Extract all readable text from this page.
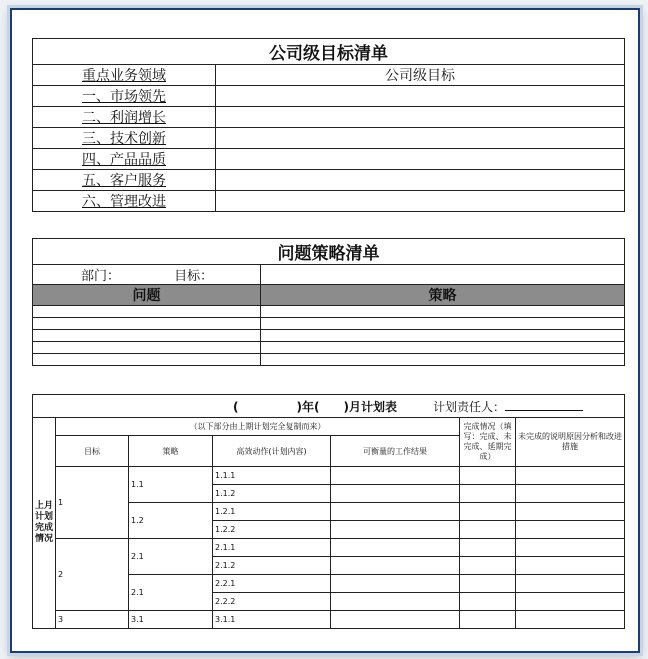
公司级目标清单	
重点业务领域	公司级目标
一、市场领先	
二、利润增长	
三、技术创新	
四、产品品质	
五、客户服务	
六、管理改进	
问题策略清单	
部门： 目标：	
问题	策略

( )年( )月计划表 计划责任人：						
上月计划完成情况	（以下部分由上期计划完全复制而来）				完成情况（填写：完成、未完成、延期完成）	未完成的说明原因分析和改进措施
	目标	策略	高效动作(计划内容)	可衡量的工作结果		
	1	1.1	1.1.1			
			1.1.2			
		1.2	1.2.1			
			1.2.2			
	2	2.1	2.1.1			
			2.1.2			
		2.1	2.2.1			
			2.2.2			
	3	3.1	3.1.1			
